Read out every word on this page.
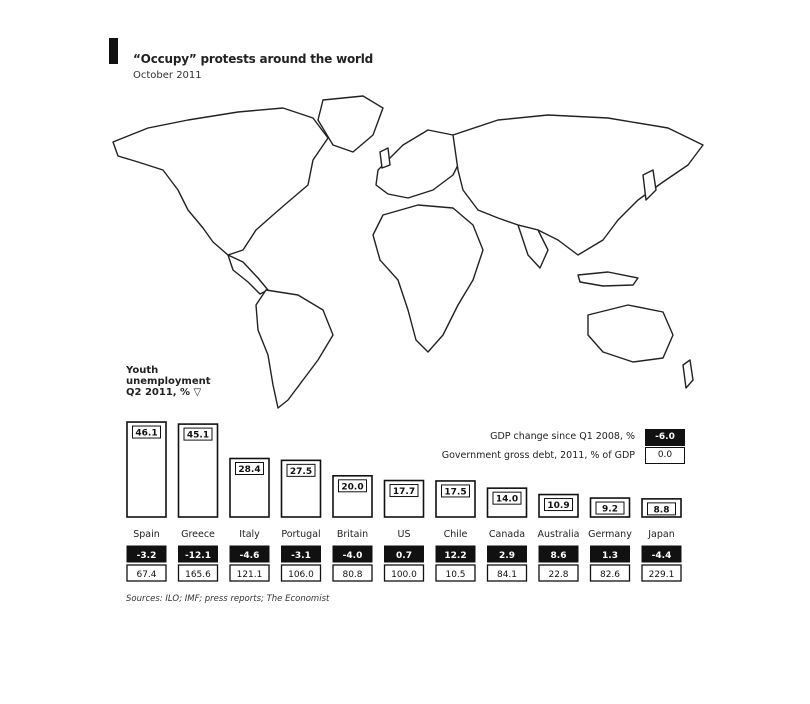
“Occupy” protests around the world
October 2011
Youth
unemployment
Q2 2011, % ▽
GDP change since Q1 2008, %
Government gross debt, 2011, % of GDP
-6.0
0.0
46.1
Spain
-3.2
67.4
45.1
Greece
-12.1
165.6
28.4
Italy
-4.6
121.1
27.5
Portugal
-3.1
106.0
20.0
Britain
-4.0
80.8
17.7
US
0.7
100.0
17.5
Chile
12.2
10.5
14.0
Canada
2.9
84.1
10.9
Australia
8.6
22.8
9.2
Germany
1.3
82.6
8.8
Japan
-4.4
229.1
Sources: ILO; IMF; press reports; The Economist
